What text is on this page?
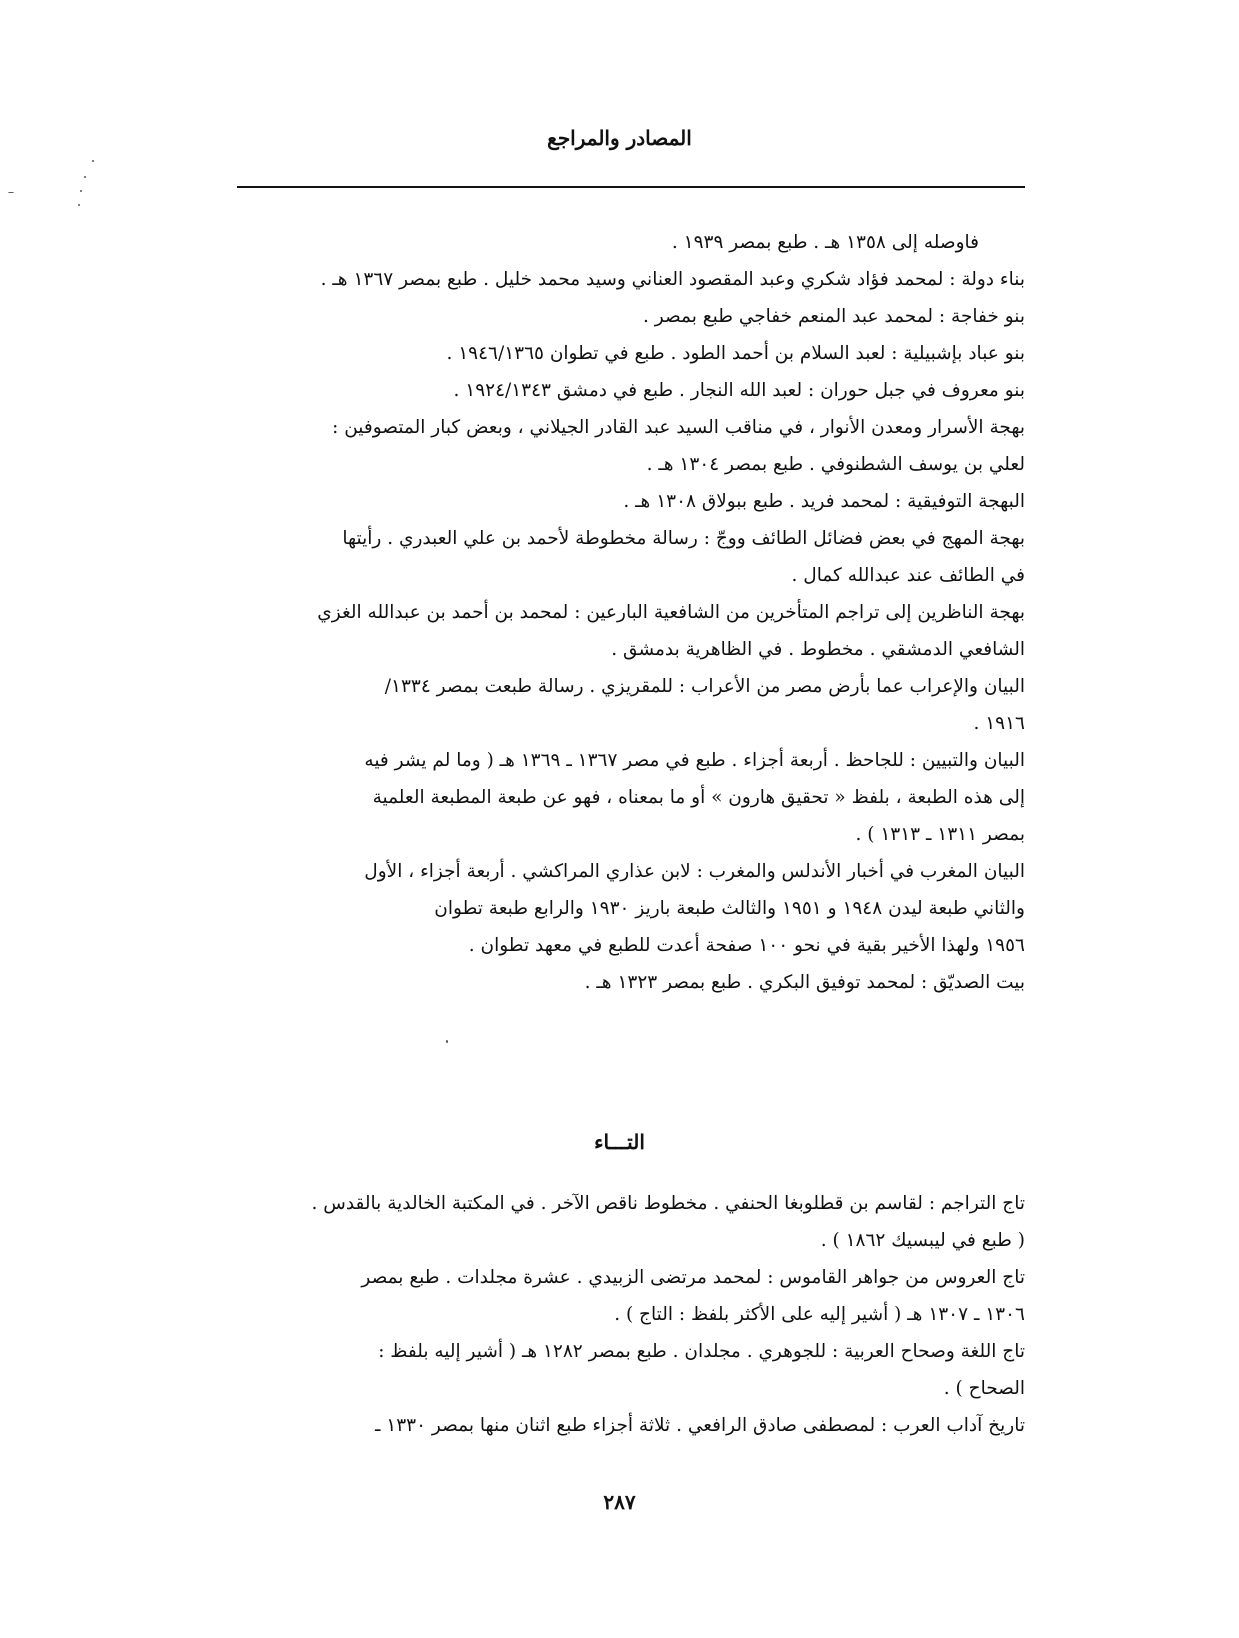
المصادر والمراجع

فاوصله إلى ١٣٥٨ هـ . طبع بمصر ١٩٣٩ .

بناء دولة : لمحمد فؤاد شكري وعبد المقصود العناني وسيد محمد خليل . طبع بمصر ١٣٦٧ هـ .

بنو خفاجة : لمحمد عبد المنعم خفاجي طبع بمصر .

بنو عباد بإشبيلية : لعبد السلام بن أحمد الطود . طبع في تطوان ١٩٤٦/١٣٦٥ .

بنو معروف في جبل حوران : لعبد الله النجار . طبع في دمشق ١٩٢٤/١٣٤٣ .

بهجة الأسرار ومعدن الأنوار ، في مناقب السيد عبد القادر الجيلاني ، وبعض كبار المتصوفين :
لعلي بن يوسف الشطنوفي . طبع بمصر ١٣٠٤ هـ .

البهجة التوفيقية : لمحمد فريد . طبع ببولاق ١٣٠٨ هـ .

بهجة المهج في بعض فضائل الطائف ووجّ : رسالة مخطوطة لأحمد بن علي العبدري . رأيتها
في الطائف عند عبدالله كمال .

بهجة الناظرين إلى تراجم المتأخرين من الشافعية البارعين : لمحمد بن أحمد بن عبدالله الغزي
الشافعي الدمشقي . مخطوط . في الظاهرية بدمشق .

البيان والإعراب عما بأرض مصر من الأعراب : للمقريزي . رسالة طبعت بمصر ١٣٣٤/
١٩١٦ .

البيان والتبيين : للجاحظ . أربعة أجزاء . طبع في مصر ١٣٦٧ ـ ١٣٦٩ هـ ( وما لم يشر فيه
إلى هذه الطبعة ، بلفظ « تحقيق هارون » أو ما بمعناه ، فهو عن طبعة المطبعة العلمية
بمصر ١٣١١ ـ ١٣١٣ ) .

البيان المغرب في أخبار الأندلس والمغرب : لابن عذاري المراكشي . أربعة أجزاء ، الأول
والثاني طبعة ليدن ١٩٤٨ و ١٩٥١ والثالث طبعة باريز ١٩٣٠ والرابع طبعة تطوان
١٩٥٦ ولهذا الأخير بقية في نحو ١٠٠ صفحة أعدت للطبع في معهد تطوان .

بيت الصديّق : لمحمد توفيق البكري . طبع بمصر ١٣٢٣ هـ .

التـــاء

تاج التراجم : لقاسم بن قطلوبغا الحنفي . مخطوط ناقص الآخر . في المكتبة الخالدية بالقدس .
( طبع في ليبسيك ١٨٦٢ ) .

تاج العروس من جواهر القاموس : لمحمد مرتضى الزبيدي . عشرة مجلدات . طبع بمصر
١٣٠٦ ـ ١٣٠٧ هـ ( أشير إليه على الأكثر بلفظ : التاج ) .

تاج اللغة وصحاح العربية : للجوهري . مجلدان . طبع بمصر ١٢٨٢ هـ ( أشير إليه بلفظ :
الصحاح ) .

تاريخ آداب العرب : لمصطفى صادق الرافعي . ثلاثة أجزاء طبع اثنان منها بمصر ١٣٣٠ ـ

٢٨٧
